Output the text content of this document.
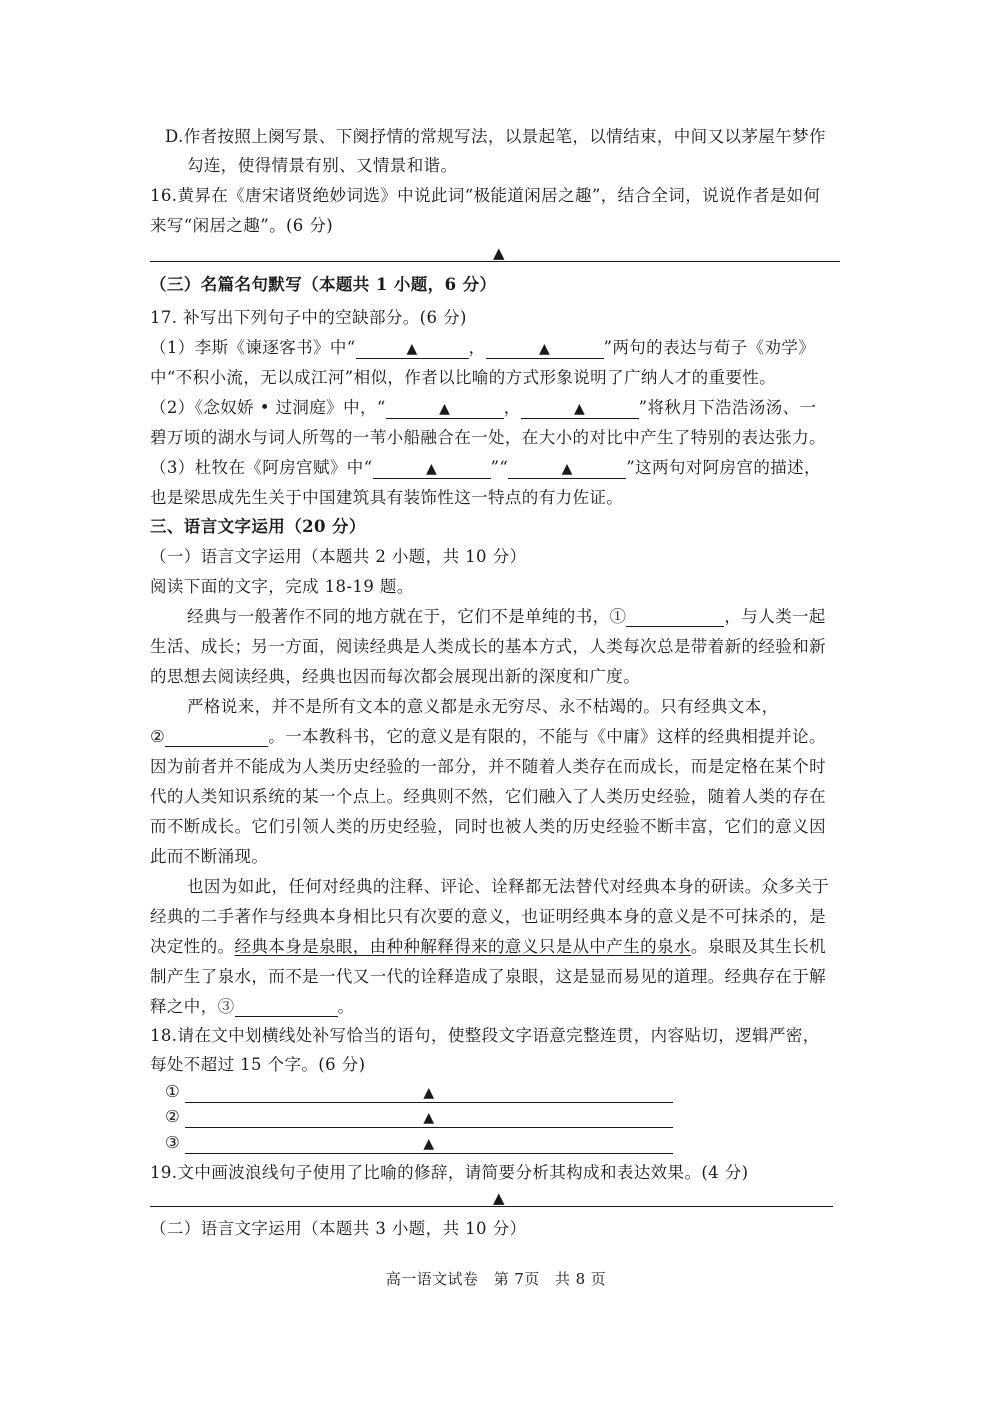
D.作者按照上阕写景、下阕抒情的常规写法，以景起笔，以情结束，中间又以茅屋午梦作
勾连，使得情景有别、又情景和谐。
16.黄昇在《唐宋诸贤绝妙词选》中说此词“极能道闲居之趣”，结合全词，说说作者是如何
来写“闲居之趣”。(6 分)
▲
（三）名篇名句默写（本题共 1 小题，6 分）
17. 补写出下列句子中的空缺部分。(6 分)
（1）李斯《谏逐客书》中“	▲	，	▲	”两句的表达与荀子《劝学》
中“不积小流，无以成江河”相似，作者以比喻的方式形象说明了广纳人才的重要性。
（2）《念奴娇 • 过洞庭》中，“	▲	，	▲	”将秋月下浩浩汤汤、一
碧万顷的湖水与词人所驾的一苇小船融合在一处，在大小的对比中产生了特别的表达张力。
（3）杜牧在《阿房宫赋》中“	▲	”“	▲	”这两句对阿房宫的描述，
也是梁思成先生关于中国建筑具有装饰性这一特点的有力佐证。
三、语言文字运用（20 分）
（一）语言文字运用（本题共 2 小题，共 10 分）
阅读下面的文字，完成 18-19 题。
经典与一般著作不同的地方就在于，它们不是单纯的书，①	，与人类一起
生活、成长；另一方面，阅读经典是人类成长的基本方式，人类每次总是带着新的经验和新
的思想去阅读经典，经典也因而每次都会展现出新的深度和广度。
严格说来，并不是所有文本的意义都是永无穷尽、永不枯竭的。只有经典文本，
②	。一本教科书，它的意义是有限的，不能与《中庸》这样的经典相提并论。
因为前者并不能成为人类历史经验的一部分，并不随着人类存在而成长，而是定格在某个时
代的人类知识系统的某一个点上。经典则不然，它们融入了人类历史经验，随着人类的存在
而不断成长。它们引领人类的历史经验，同时也被人类的历史经验不断丰富，它们的意义因
此而不断涌现。
也因为如此，任何对经典的注释、评论、诠释都无法替代对经典本身的研读。众多关于
经典的二手著作与经典本身相比只有次要的意义，也证明经典本身的意义是不可抹杀的，是
决定性的。经典本身是泉眼，由种种解释得来的意义只是从中产生的泉水。泉眼及其生长机
制产生了泉水，而不是一代又一代的诠释造成了泉眼，这是显而易见的道理。经典存在于解
释之中，③	。
18.请在文中划横线处补写恰当的语句，使整段文字语意完整连贯，内容贴切，逻辑严密，
每处不超过 15 个字。(6 分)
①	▲
②	▲
③	▲
19.文中画波浪线句子使用了比喻的修辞，请简要分析其构成和表达效果。(4 分)
▲
（二）语言文字运用（本题共 3 小题，共 10 分）
高一语文试卷　第 7页　共 8 页
